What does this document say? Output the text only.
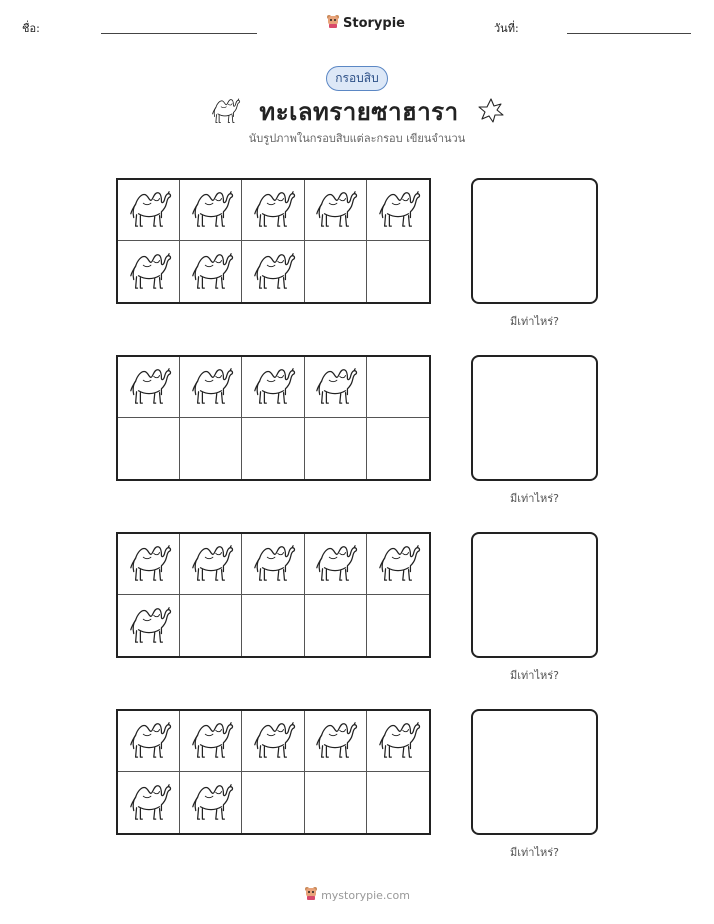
ชื่อ:	Storypie	วันที่:
กรอบสิบ
ทะเลทรายซาฮารา
นับรูปภาพในกรอบสิบแต่ละกรอบ เขียนจำนวน
มีเท่าไหร่?
มีเท่าไหร่?
มีเท่าไหร่?
มีเท่าไหร่?
mystorypie.com
